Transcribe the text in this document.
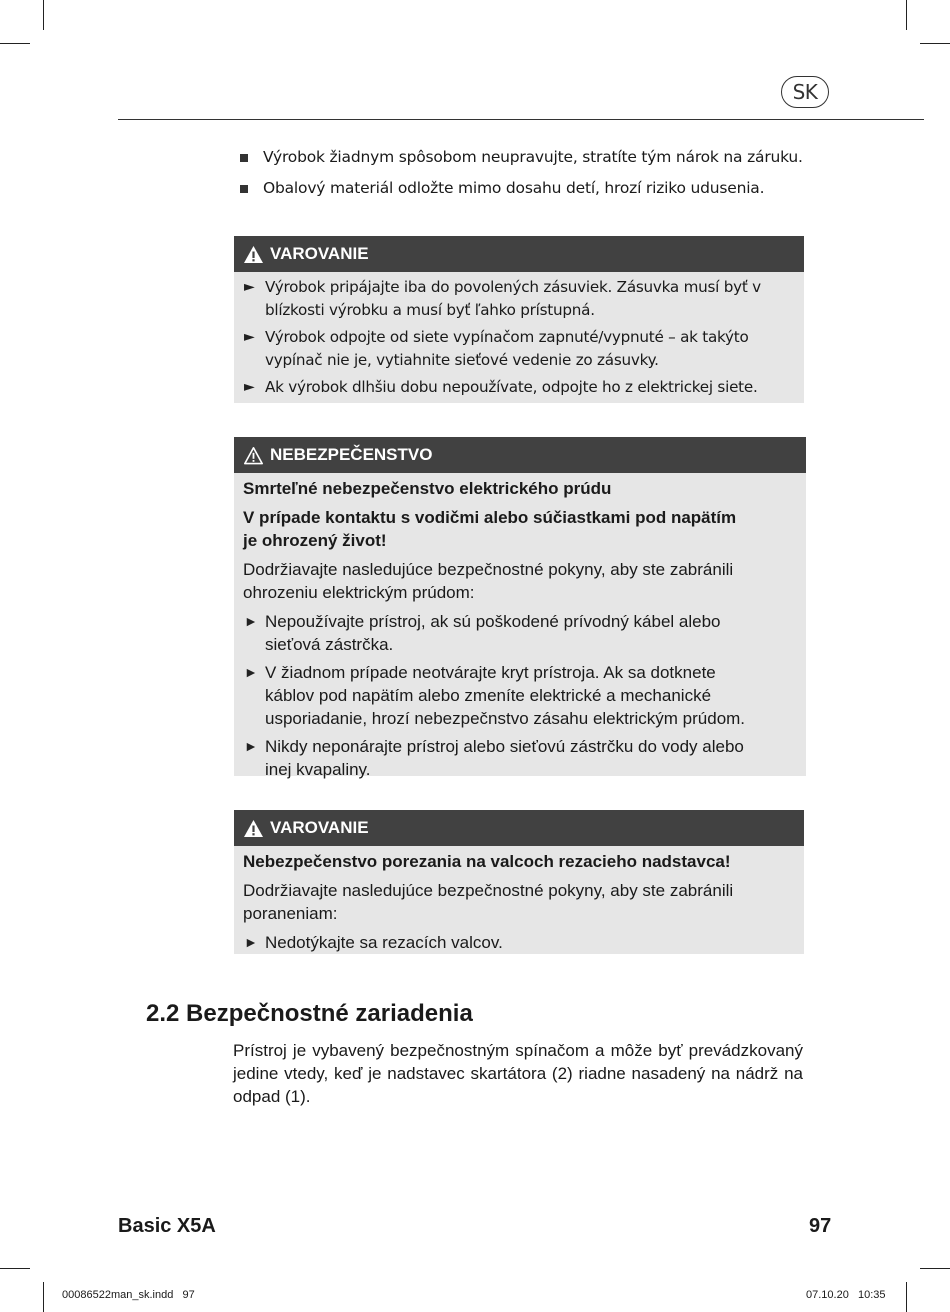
SK
Výrobok žiadnym spôsobom neupravujte, stratíte tým nárok na záruku.
Obalový materiál odložte mimo dosahu detí, hrozí riziko udusenia.
VAROVANIE
► Výrobok pripájajte iba do povolených zásuviek. Zásuvka musí byť v
blízkosti výrobku a musí byť ľahko prístupná.
► Výrobok odpojte od siete vypínačom zapnuté/vypnuté – ak takýto
vypínač nie je, vytiahnite sieťové vedenie zo zásuvky.
► Ak výrobok dlhšiu dobu nepoužívate, odpojte ho z elektrickej siete.
NEBEZPEČENSTVO
Smrteľné nebezpečenstvo elektrického prúdu
V prípade kontaktu s vodičmi alebo súčiastkami pod napätím
je ohrozený život!
Dodržiavajte nasledujúce bezpečnostné pokyny, aby ste zabránili
ohrozeniu elektrickým prúdom:
► Nepoužívajte prístroj, ak sú poškodené prívodný kábel alebo
sieťová zástrčka.
► V žiadnom prípade neotvárajte kryt prístroja. Ak sa dotknete
káblov pod napätím alebo zmeníte elektrické a mechanické
usporiadanie, hrozí nebezpečnstvo zásahu elektrickým prúdom.
► Nikdy neponárajte prístroj alebo sieťovú zástrčku do vody alebo
inej kvapaliny.
VAROVANIE
Nebezpečenstvo porezania na valcoch rezacieho nadstavca!
Dodržiavajte nasledujúce bezpečnostné pokyny, aby ste zabránili
poraneniam:
► Nedotýkajte sa rezacích valcov.
2.2 Bezpečnostné zariadenia
Prístroj je vybavený bezpečnostným spínačom a môže byť prevádzkovaný jedine vtedy, keď je nadstavec skartátora (2) riadne nasadený na nádrž na odpad (1).
Basic X5A	97
00086522man_sk.indd   97	07.10.20   10:35
